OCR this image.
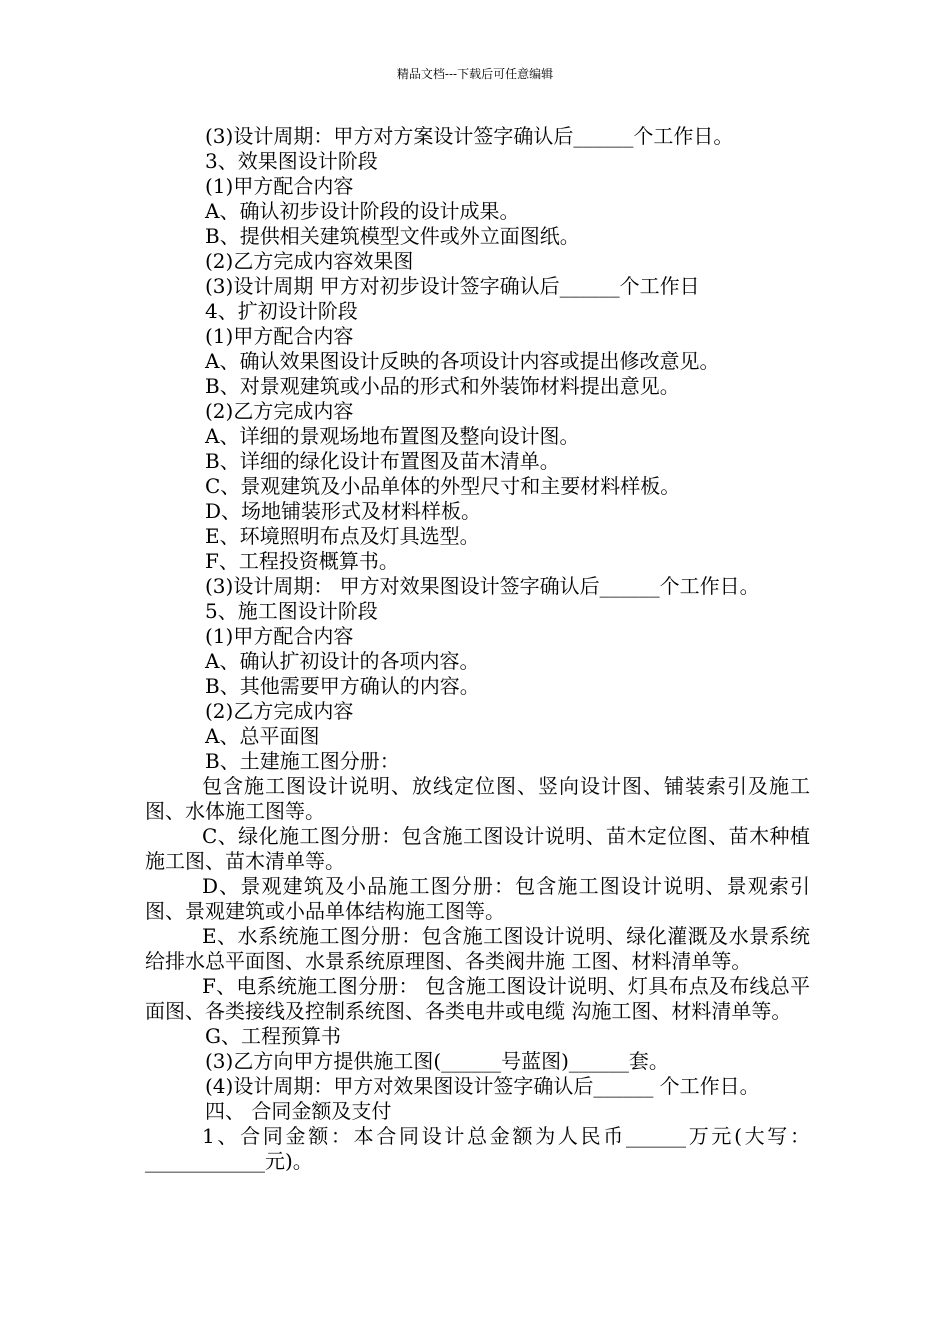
精品文档---下载后可任意编辑
(3)设计周期：甲方对方案设计签字确认后______个工作日。
3、效果图设计阶段
(1)甲方配合内容
A、确认初步设计阶段的设计成果。
B、提供相关建筑模型文件或外立面图纸。
(2)乙方完成内容效果图
(3)设计周期 甲方对初步设计签字确认后______个工作日
4、扩初设计阶段
(1)甲方配合内容
A、确认效果图设计反映的各项设计内容或提出修改意见。
B、对景观建筑或小品的形式和外装饰材料提出意见。
(2)乙方完成内容
A、详细的景观场地布置图及整向设计图。
B、详细的绿化设计布置图及苗木清单。
C、景观建筑及小品单体的外型尺寸和主要材料样板。
D、场地铺装形式及材料样板。
E、环境照明布点及灯具选型。
F、工程投资概算书。
(3)设计周期： 甲方对效果图设计签字确认后______个工作日。
5、施工图设计阶段
(1)甲方配合内容
A、确认扩初设计的各项内容。
B、其他需要甲方确认的内容。
(2)乙方完成内容
A、总平面图
B、土建施工图分册：
包含施工图设计说明、放线定位图、竖向设计图、铺装索引及施工图、水体施工图等。
C、绿化施工图分册：包含施工图设计说明、苗木定位图、苗木种植施工图、苗木清单等。
D、景观建筑及小品施工图分册：包含施工图设计说明、景观索引图、景观建筑或小品单体结构施工图等。
E、水系统施工图分册：包含施工图设计说明、绿化灌溉及水景系统给排水总平面图、水景系统原理图、各类阀井施 工图、材料清单等。
F、电系统施工图分册： 包含施工图设计说明、灯具布点及布线总平面图、各类接线及控制系统图、各类电井或电缆 沟施工图、材料清单等。
G、工程预算书
(3)乙方向甲方提供施工图(______号蓝图)______套。
(4)设计周期：甲方对效果图设计签字确认后______ 个工作日。
四、 合同金额及支付
1、合同金额：本合同设计总金额为人民币______万元(大写：____________元)。
